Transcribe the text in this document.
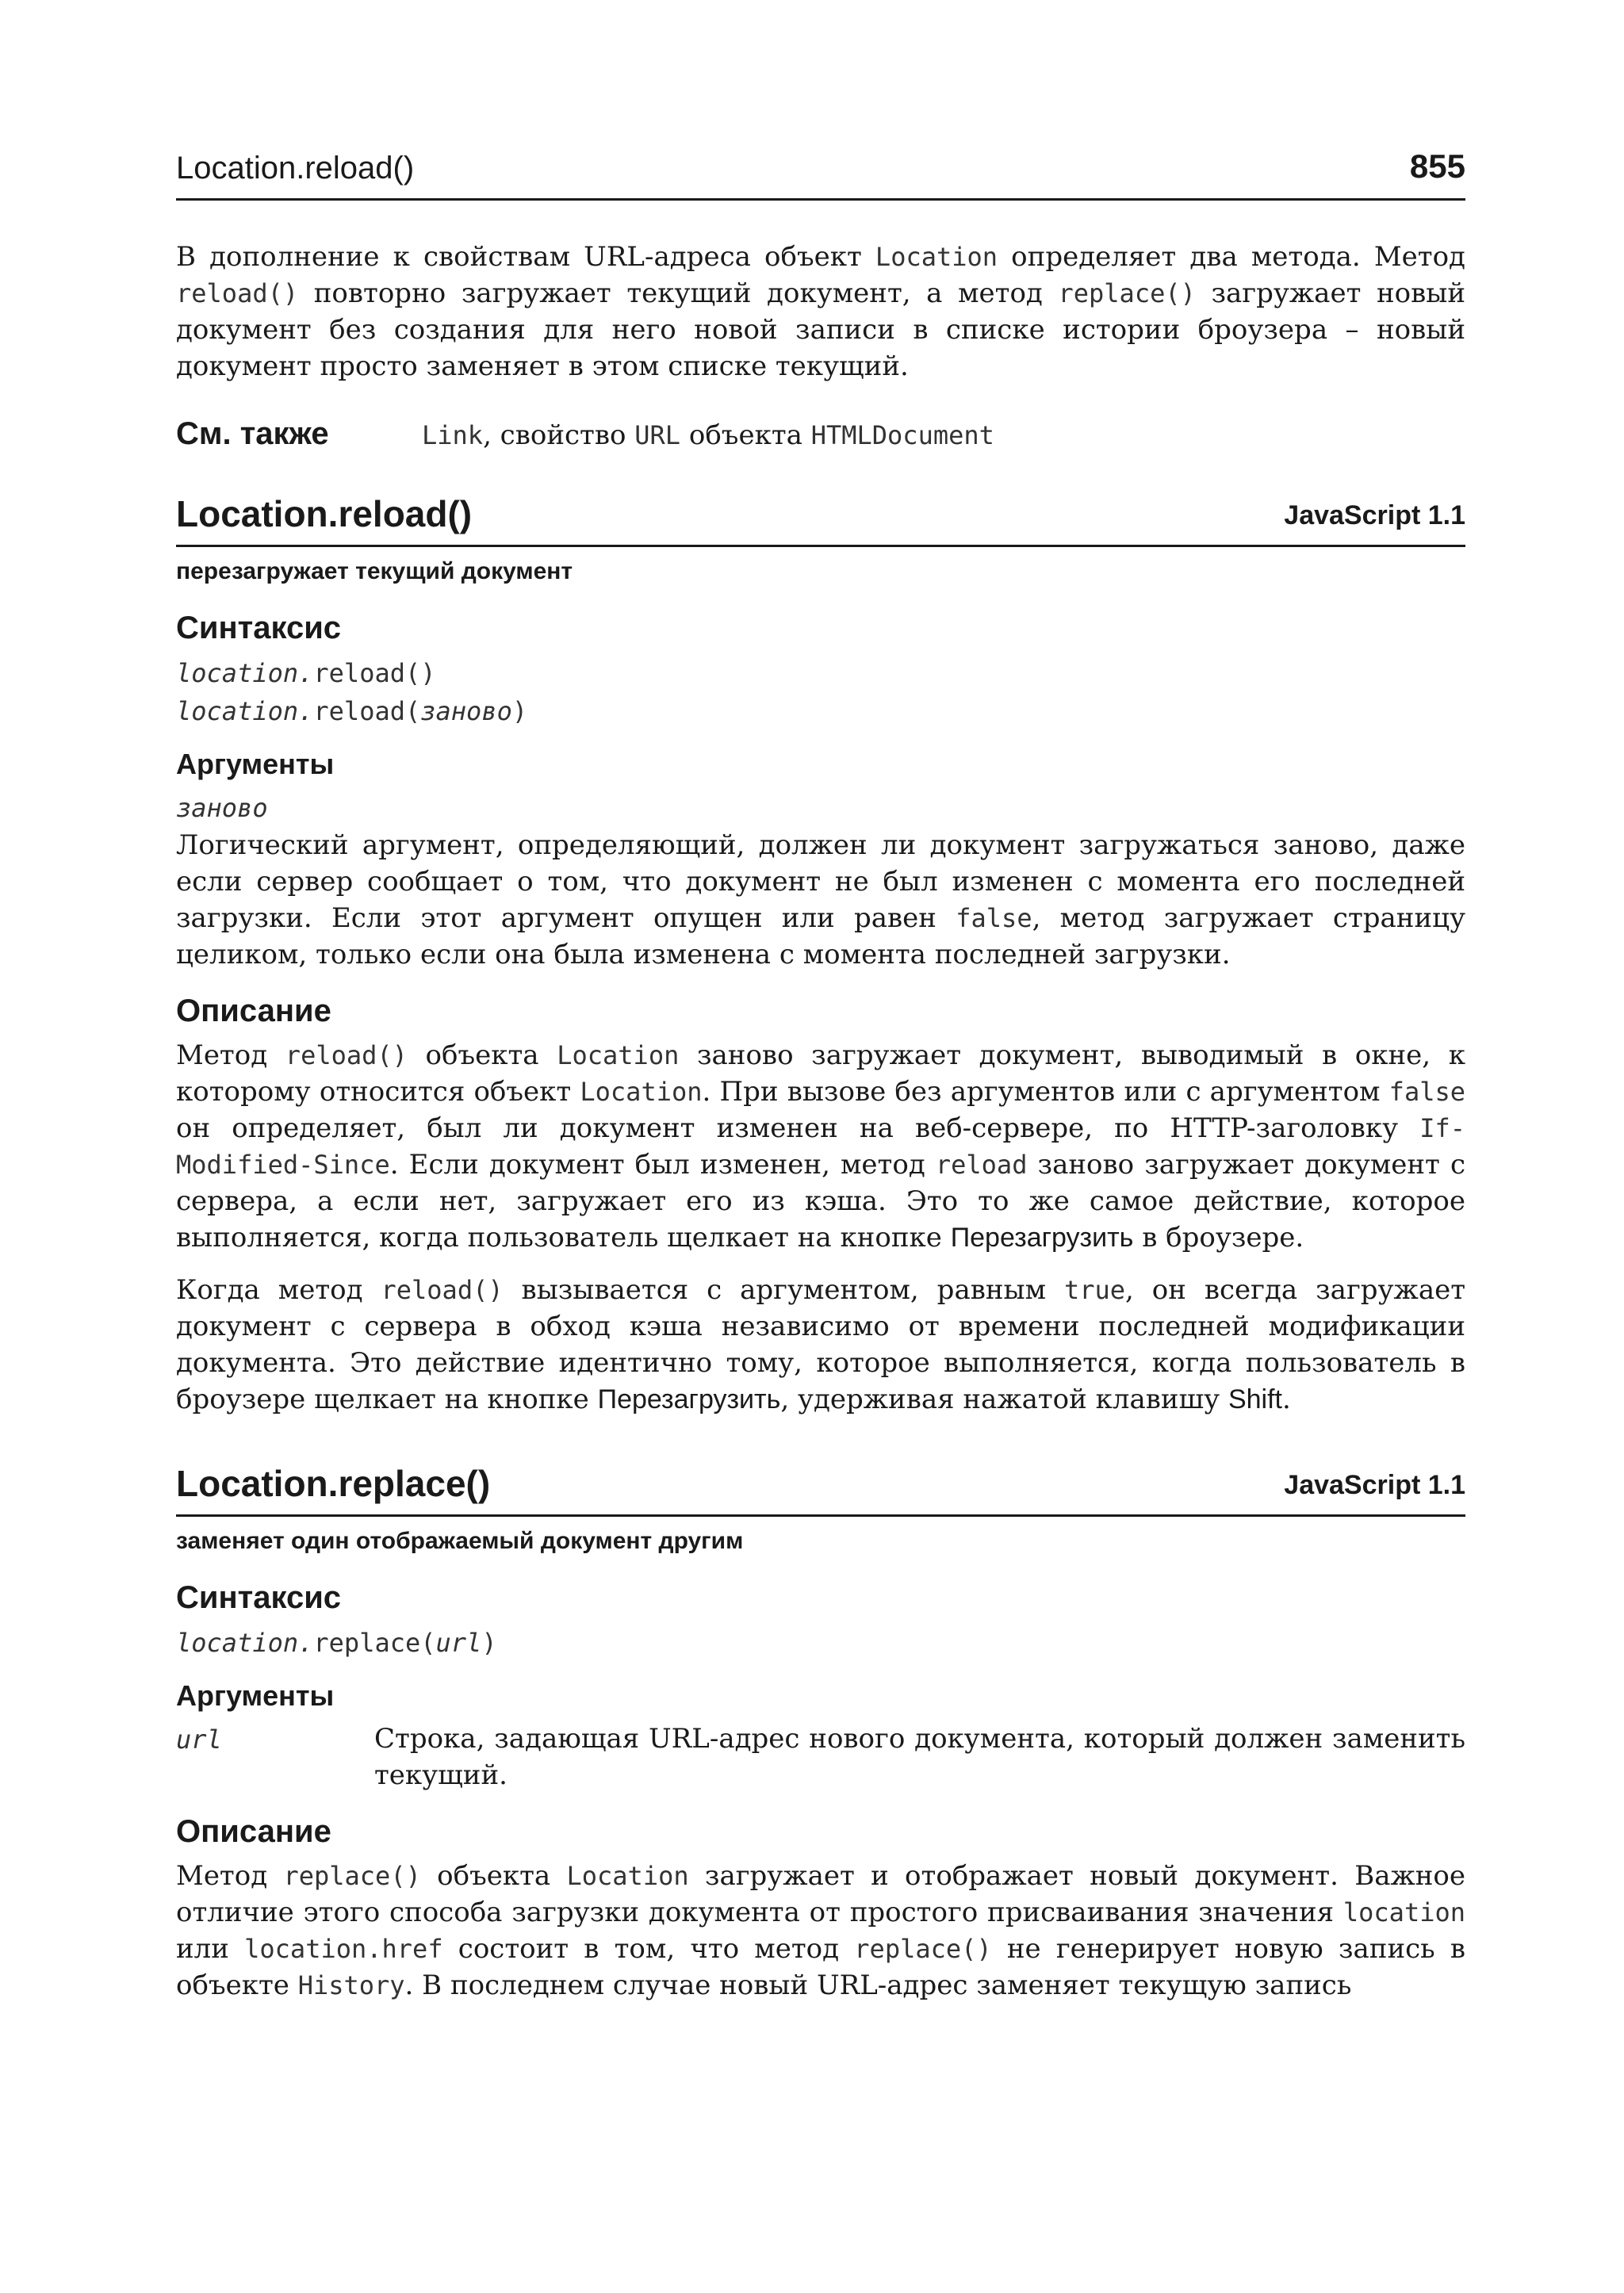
Location.reload()	855

В дополнение к свойствам URL-адреса объект Location определяет два метода. Метод reload() повторно загружает текущий документ, а метод replace() загружает новый документ без создания для него новой записи в списке истории броузера – новый документ просто заменяет в этом списке текущий.

См. также	Link, свойство URL объекта HTMLDocument
Location.reload()	JavaScript 1.1
перезагружает текущий документ
Синтаксис
location.reload()
location.reload(заново)
Аргументы
заново

Логический аргумент, определяющий, должен ли документ загружаться заново, даже если сервер сообщает о том, что документ не был изменен с момента его последней загрузки. Если этот аргумент опущен или равен false, метод загружает страницу целиком, только если она была изменена с момента последней загрузки.

Описание

Метод reload() объекта Location заново загружает документ, выводимый в окне, к которому относится объект Location. При вызове без аргументов или с аргументом false он определяет, был ли документ изменен на веб-сервере, по HTTP-заголовку If-Modified-Since. Если документ был изменен, метод reload заново загружает документ с сервера, а если нет, загружает его из кэша. Это то же самое действие, которое выполняется, когда пользователь щелкает на кнопке Перезагрузить в броузере.

Когда метод reload() вызывается с аргументом, равным true, он всегда загружает документ с сервера в обход кэша независимо от времени последней модификации документа. Это действие идентично тому, которое выполняется, когда пользователь в броузере щелкает на кнопке Перезагрузить, удерживая нажатой клавишу Shift.

Location.replace()	JavaScript 1.1
заменяет один отображаемый документ другим
Синтаксис
location.replace(url)
Аргументы
url	Строка, задающая URL-адрес нового документа, который должен заменить текущий.

Описание

Метод replace() объекта Location загружает и отображает новый документ. Важное отличие этого способа загрузки документа от простого присваивания значения location или location.href состоит в том, что метод replace() не генерирует новую запись в объекте History. В последнем случае новый URL-адрес заменяет текущую запись
